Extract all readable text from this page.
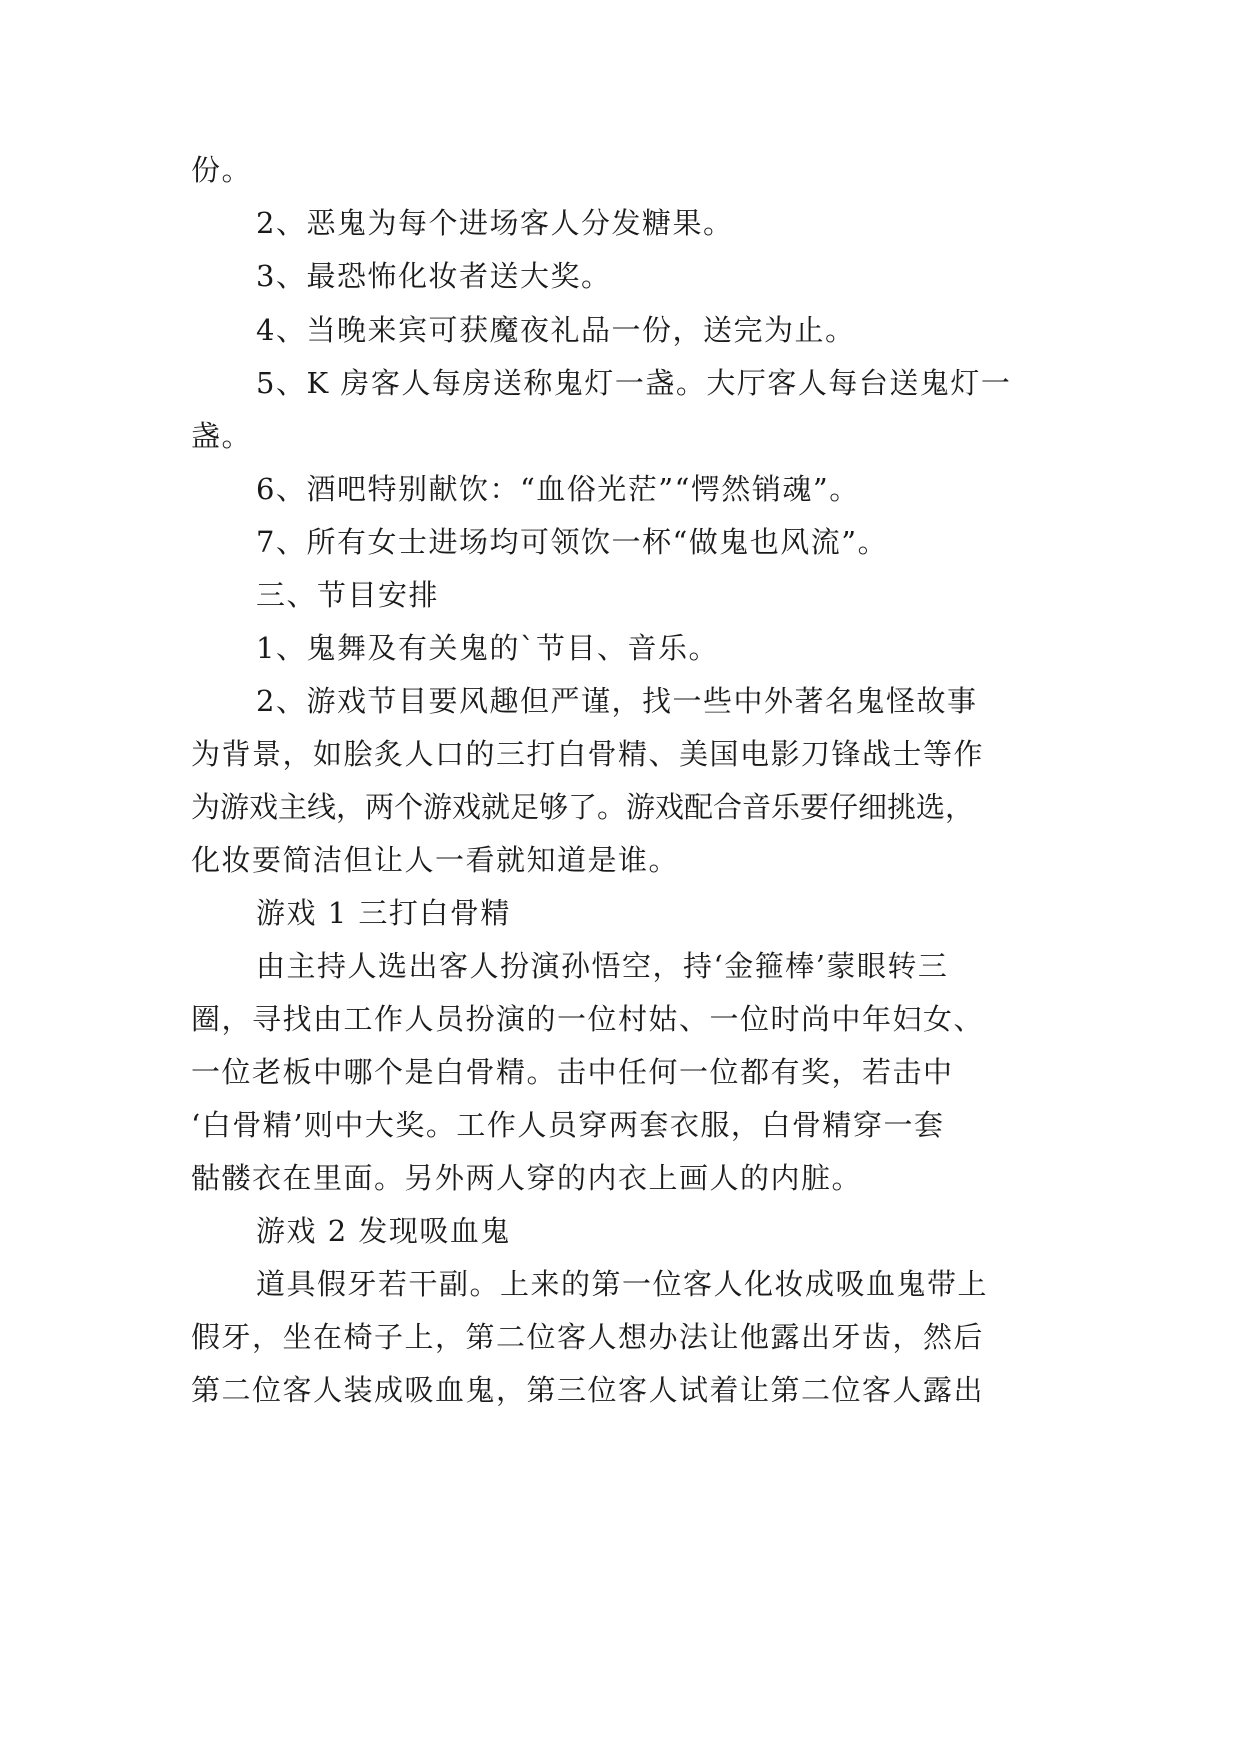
份。
2、恶鬼为每个进场客人分发糖果。
3、最恐怖化妆者送大奖。
4、当晚来宾可获魔夜礼品一份，送完为止。
5、K 房客人每房送称鬼灯一盏。大厅客人每台送鬼灯一
盏。
6、酒吧特别献饮：“血俗光茫”“愕然销魂”。
7、所有女士进场均可领饮一杯“做鬼也风流”。
三、节目安排
1、鬼舞及有关鬼的`节目、音乐。
2、游戏节目要风趣但严谨，找一些中外著名鬼怪故事
为背景，如脍炙人口的三打白骨精、美国电影刀锋战士等作
为游戏主线，两个游戏就足够了。游戏配合音乐要仔细挑选，
化妆要简洁但让人一看就知道是谁。
游戏 1 三打白骨精
由主持人选出客人扮演孙悟空，持‘金箍棒’蒙眼转三
圈，寻找由工作人员扮演的一位村姑、一位时尚中年妇女、
一位老板中哪个是白骨精。击中任何一位都有奖，若击中
‘白骨精’则中大奖。工作人员穿两套衣服，白骨精穿一套
骷髅衣在里面。另外两人穿的内衣上画人的内脏。
游戏 2 发现吸血鬼
道具假牙若干副。上来的第一位客人化妆成吸血鬼带上
假牙，坐在椅子上，第二位客人想办法让他露出牙齿，然后
第二位客人装成吸血鬼，第三位客人试着让第二位客人露出
